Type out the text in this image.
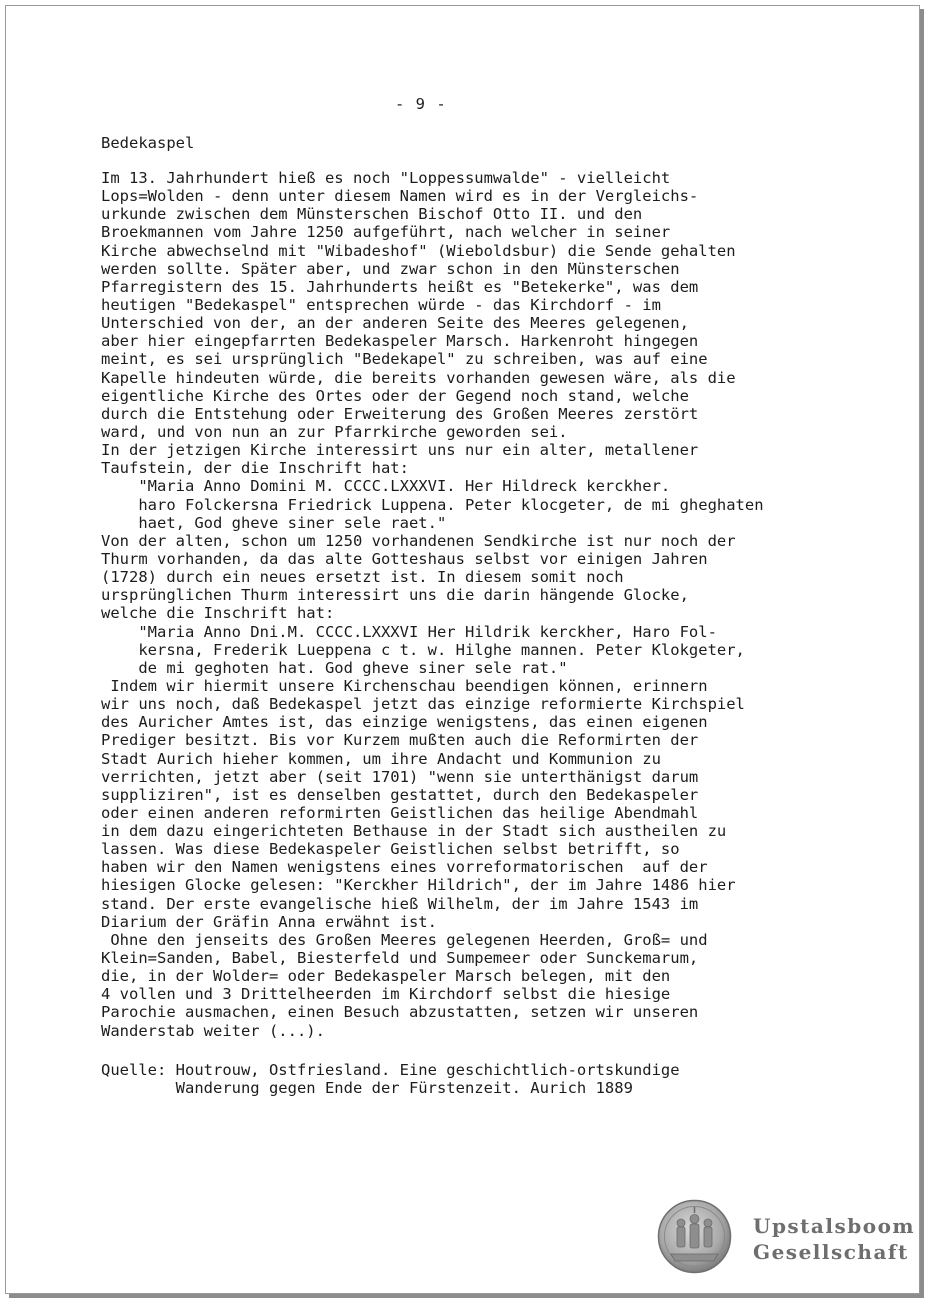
- 9 -
Bedekaspel
Im 13. Jahrhundert hieß es noch "Loppessumwalde" - vielleicht
Lops=Wolden - denn unter diesem Namen wird es in der Vergleichs-
urkunde zwischen dem Münsterschen Bischof Otto II. und den
Broekmannen vom Jahre 1250 aufgeführt, nach welcher in seiner
Kirche abwechselnd mit "Wibadeshof" (Wieboldsbur) die Sende gehalten
werden sollte. Später aber, und zwar schon in den Münsterschen
Pfarregistern des 15. Jahrhunderts heißt es "Betekerke", was dem
heutigen "Bedekaspel" entsprechen würde - das Kirchdorf - im
Unterschied von der, an der anderen Seite des Meeres gelegenen,
aber hier eingepfarrten Bedekaspeler Marsch. Harkenroht hingegen
meint, es sei ursprünglich "Bedekapel" zu schreiben, was auf eine
Kapelle hindeuten würde, die bereits vorhanden gewesen wäre, als die
eigentliche Kirche des Ortes oder der Gegend noch stand, welche
durch die Entstehung oder Erweiterung des Großen Meeres zerstört
ward, und von nun an zur Pfarrkirche geworden sei.
In der jetzigen Kirche interessirt uns nur ein alter, metallener
Taufstein, der die Inschrift hat:
"Maria Anno Domini M. CCCC.LXXXVI. Her Hildreck kerckher.
haro Folckersna Friedrick Luppena. Peter klocgeter, de mi gheghaten
haet, God gheve siner sele raet."
Von der alten, schon um 1250 vorhandenen Sendkirche ist nur noch der
Thurm vorhanden, da das alte Gotteshaus selbst vor einigen Jahren
(1728) durch ein neues ersetzt ist. In diesem somit noch
ursprünglichen Thurm interessirt uns die darin hängende Glocke,
welche die Inschrift hat:
"Maria Anno Dni.M. CCCC.LXXXVI Her Hildrik kerckher, Haro Fol-
kersna, Frederik Lueppena c t. w. Hilghe mannen. Peter Klokgeter,
de mi geghoten hat. God gheve siner sele rat."
Indem wir hiermit unsere Kirchenschau beendigen können, erinnern
wir uns noch, daß Bedekaspel jetzt das einzige reformierte Kirchspiel
des Auricher Amtes ist, das einzige wenigstens, das einen eigenen
Prediger besitzt. Bis vor Kurzem mußten auch die Reformirten der
Stadt Aurich hieher kommen, um ihre Andacht und Kommunion zu
verrichten, jetzt aber (seit 1701) "wenn sie unterthänigst darum
suppliziren", ist es denselben gestattet, durch den Bedekaspeler
oder einen anderen reformirten Geistlichen das heilige Abendmahl
in dem dazu eingerichteten Bethause in der Stadt sich austheilen zu
lassen. Was diese Bedekaspeler Geistlichen selbst betrifft, so
haben wir den Namen wenigstens eines vorreformatorischen  auf der
hiesigen Glocke gelesen: "Kerckher Hildrich", der im Jahre 1486 hier
stand. Der erste evangelische hieß Wilhelm, der im Jahre 1543 im
Diarium der Gräfin Anna erwähnt ist.
Ohne den jenseits des Großen Meeres gelegenen Heerden, Groß= und
Klein=Sanden, Babel, Biesterfeld und Sumpemeer oder Sunckemarum,
die, in der Wolder= oder Bedekaspeler Marsch belegen, mit den
4 vollen und 3 Drittelheerden im Kirchdorf selbst die hiesige
Parochie ausmachen, einen Besuch abzustatten, setzen wir unseren
Wanderstab weiter (...).
Quelle: Houtrouw, Ostfriesland. Eine geschichtlich-ortskundige
Wanderung gegen Ende der Fürstenzeit. Aurich 1889
Upstalsboom
Gesellschaft
